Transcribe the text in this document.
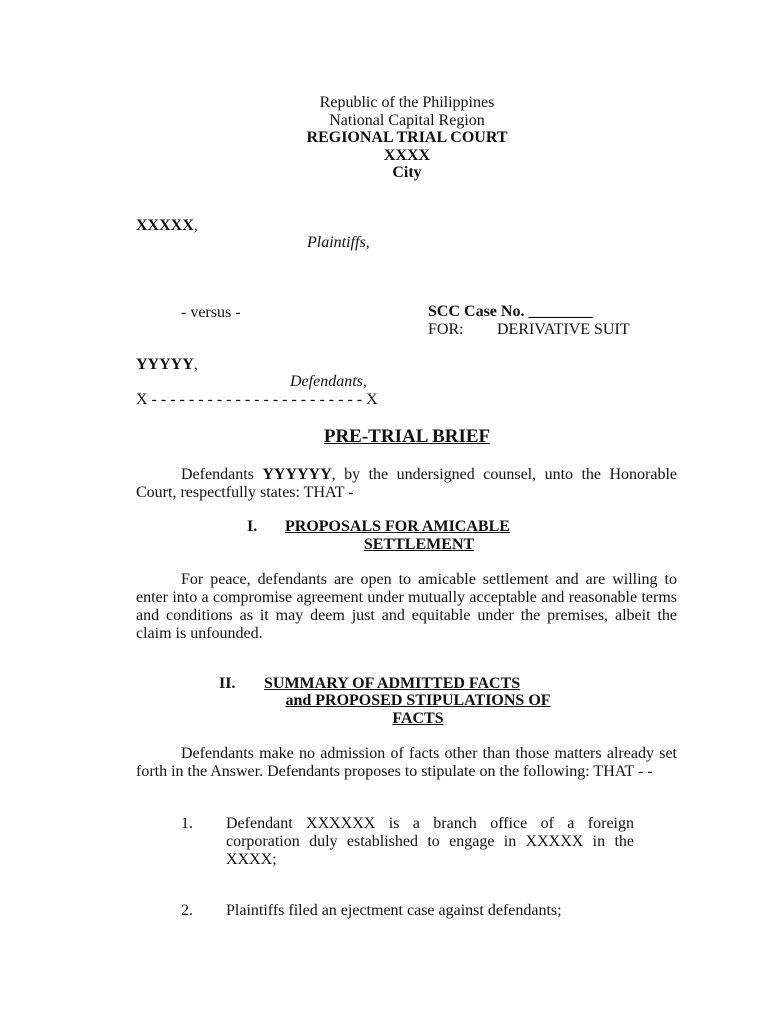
Republic of the Philippines
National Capital Region
REGIONAL TRIAL COURT
XXXX
City
XXXXX,
Plaintiffs,
- versus -	SCC Case No. ________
FOR: DERIVATIVE SUIT
YYYYY,
Defendants,
X - - - - - - - - - - - - - - - - - - - - - - - X
PRE-TRIAL BRIEF
Defendants YYYYYY, by the undersigned counsel, unto the Honorable Court, respectfully states: THAT -
I. PROPOSALS FOR AMICABLE
SETTLEMENT
For peace, defendants are open to amicable settlement and are willing to enter into a compromise agreement under mutually acceptable and reasonable terms and conditions as it may deem just and equitable under the premises, albeit the claim is unfounded.
II. SUMMARY OF ADMITTED FACTS
and PROPOSED STIPULATIONS OF
FACTS
Defendants make no admission of facts other than those matters already set forth in the Answer. Defendants proposes to stipulate on the following: THAT - -
1. Defendant XXXXXX is a branch office of a foreign corporation duly established to engage in XXXXX in the XXXX;
2. Plaintiffs filed an ejectment case against defendants;
